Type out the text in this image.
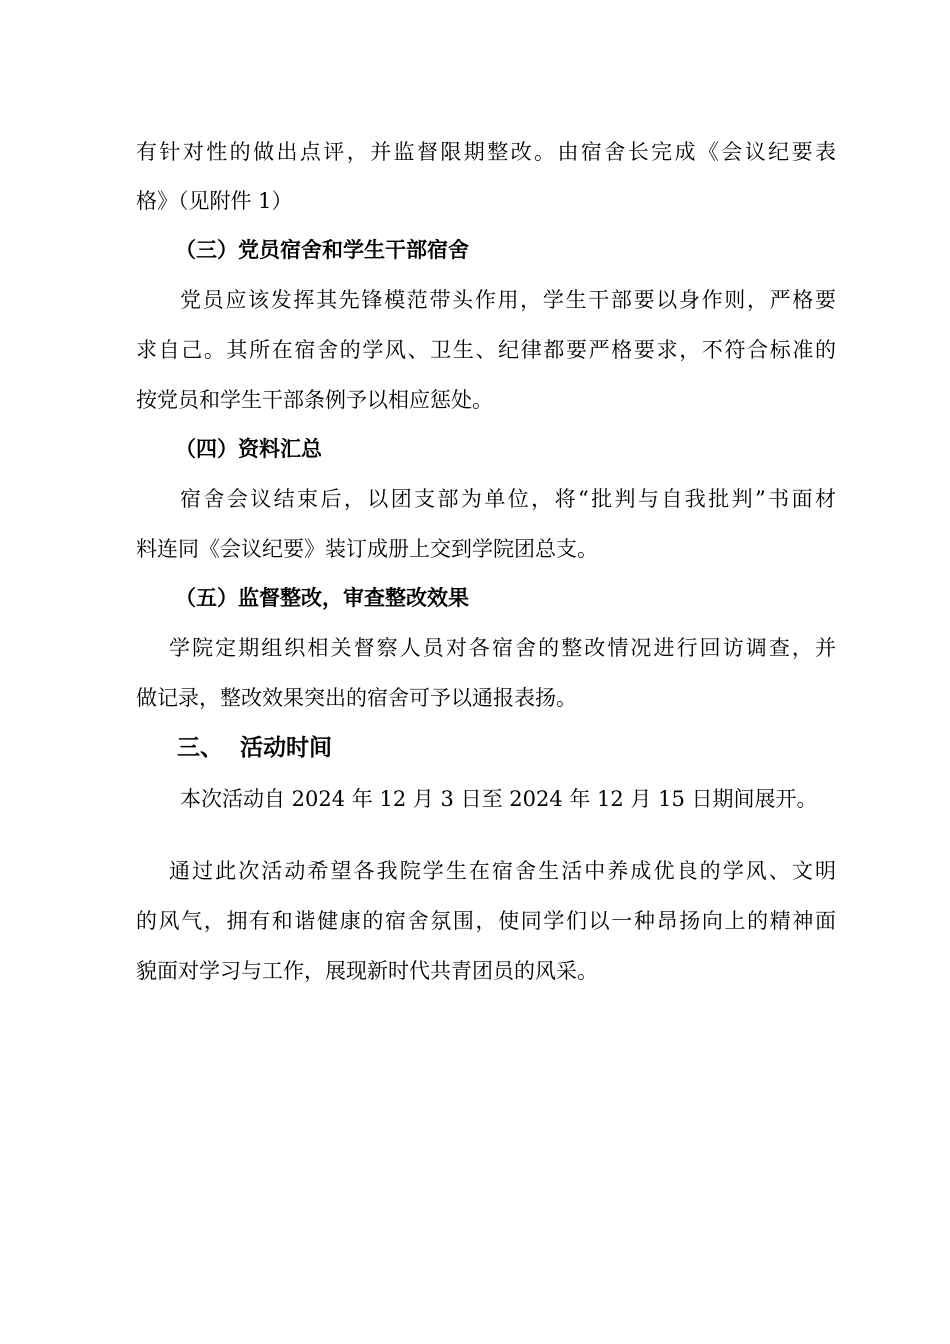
有针对性的做出点评，并监督限期整改。由宿舍长完成《会议纪要表
格》（见附件 1）
（三）党员宿舍和学生干部宿舍
党员应该发挥其先锋模范带头作用，学生干部要以身作则，严格要
求自己。其所在宿舍的学风、卫生、纪律都要严格要求，不符合标准的
按党员和学生干部条例予以相应惩处。
（四）资料汇总
宿舍会议结束后，以团支部为单位，将“批判与自我批判”书面材
料连同《会议纪要》装订成册上交到学院团总支。
（五）监督整改，审查整改效果
学院定期组织相关督察人员对各宿舍的整改情况进行回访调查，并
做记录，整改效果突出的宿舍可予以通报表扬。
三、 活动时间
本次活动自 2024 年 12 月 3 日至 2024 年 12 月 15 日期间展开。
通过此次活动希望各我院学生在宿舍生活中养成优良的学风、文明
的风气，拥有和谐健康的宿舍氛围，使同学们以一种昂扬向上的精神面
貌面对学习与工作，展现新时代共青团员的风采。
